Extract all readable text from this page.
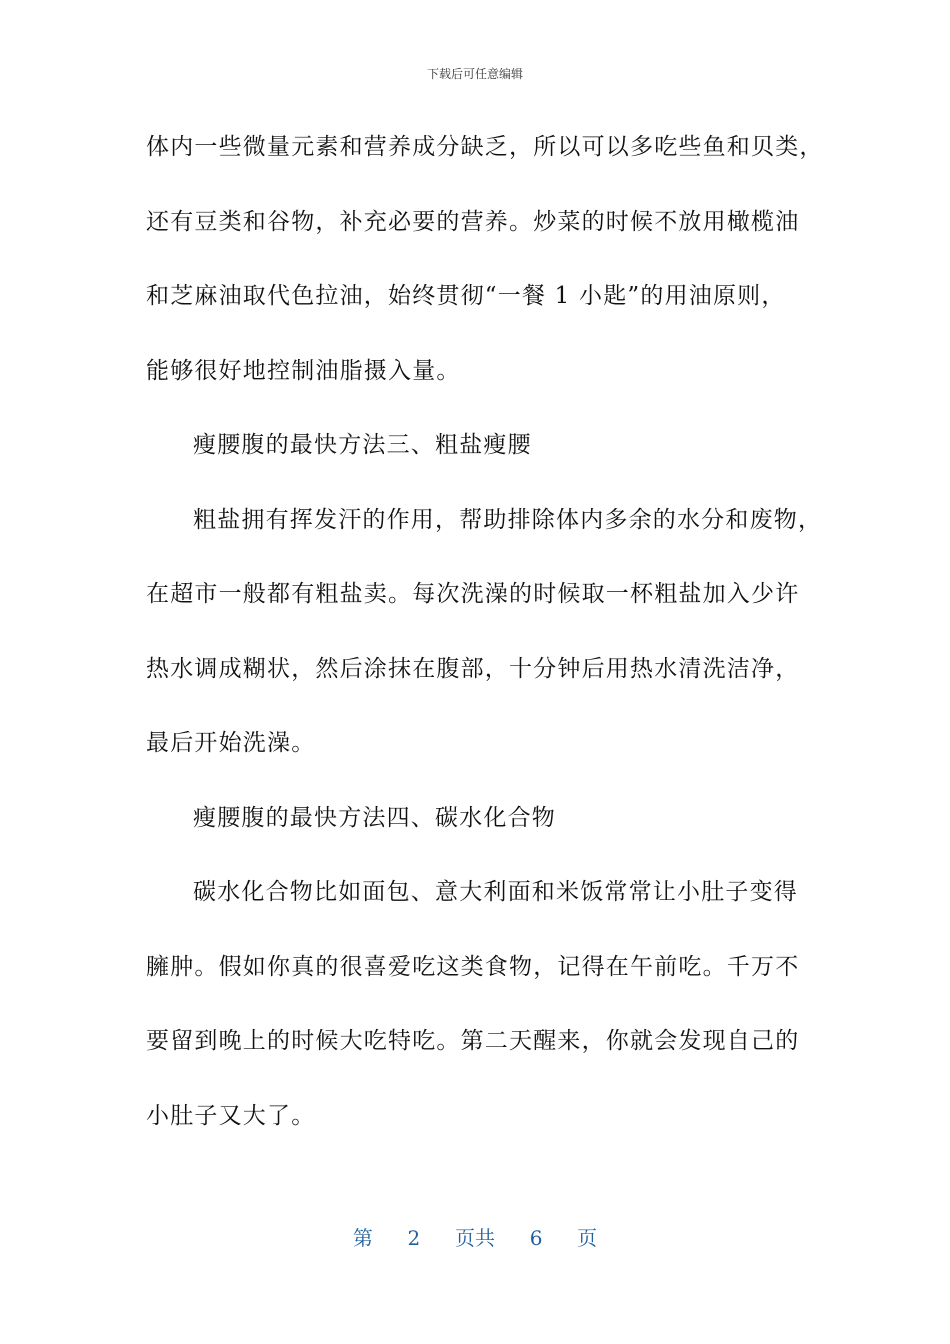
下载后可任意编辑
体内一些微量元素和营养成分缺乏，所以可以多吃些鱼和贝类，
还有豆类和谷物，补充必要的营养。炒菜的时候不放用橄榄油
和芝麻油取代色拉油，始终贯彻“一餐 1 小匙”的用油原则，
能够很好地控制油脂摄入量。
瘦腰腹的最快方法三、粗盐瘦腰
粗盐拥有挥发汗的作用，帮助排除体内多余的水分和废物，
在超市一般都有粗盐卖。每次洗澡的时候取一杯粗盐加入少许
热水调成糊状，然后涂抹在腹部，十分钟后用热水清洗洁净，
最后开始洗澡。
瘦腰腹的最快方法四、碳水化合物
碳水化合物比如面包、意大利面和米饭常常让小肚子变得
臃肿。假如你真的很喜爱吃这类食物，记得在午前吃。千万不
要留到晚上的时候大吃特吃。第二天醒来，你就会发现自己的
小肚子又大了。
第 2 页共 6 页
